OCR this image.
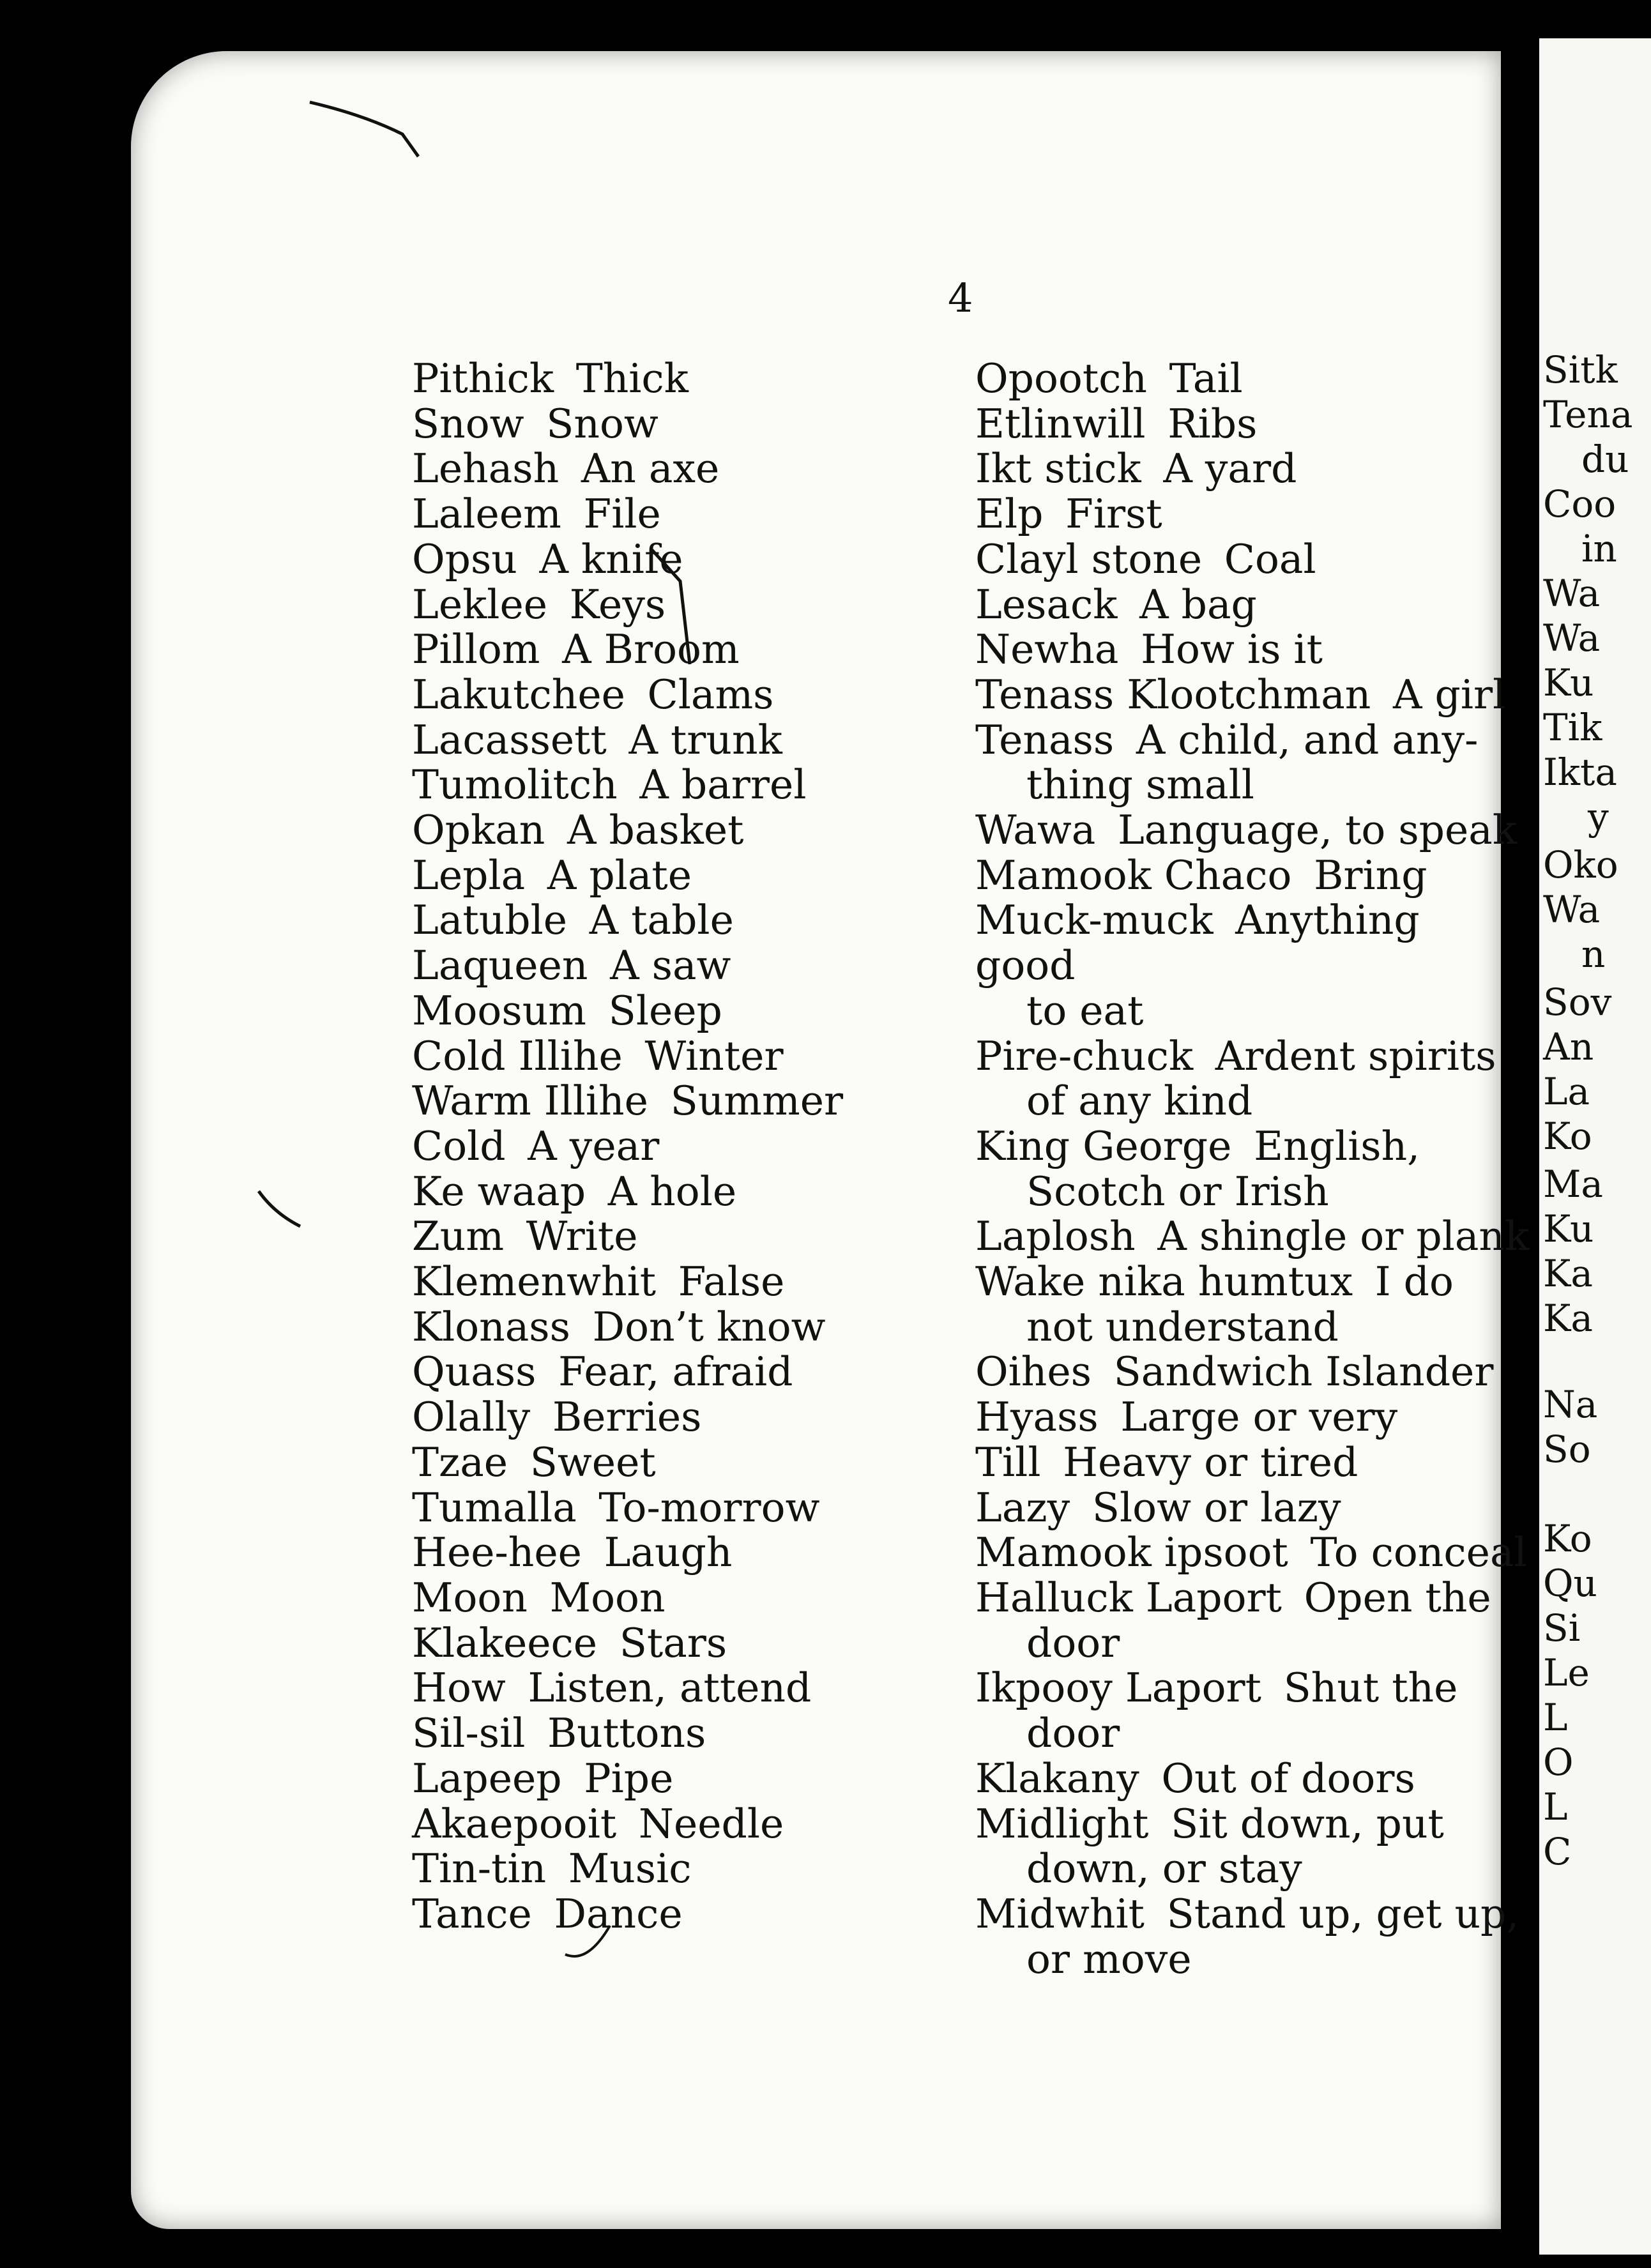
Sitk
Tena
du
Coo
in
Wa
Wa
Ku
Tik
Ikta
y
Oko
Wa
n
Sov
An
La
Ko
Ma
Ku
Ka
Ka
Na
So
Ko
Qu
Si
Le
L
O
L
C
4
Pithick Thick
Snow Snow
Lehash An axe
Laleem File
Opsu A knife
Leklee Keys
Pillom A Broom
Lakutchee Clams
Lacassett A trunk
Tumolitch A barrel
Opkan A basket
Lepla A plate
Latuble A table
Laqueen A saw
Moosum Sleep
Cold Illihe Winter
Warm Illihe Summer
Cold A year
Ke waap A hole
Zum Write
Klemenwhit False
Klonass Don’t know
Quass Fear, afraid
Olally Berries
Tzae Sweet
Tumalla To-morrow
Hee-hee Laugh
Moon Moon
Klakeece Stars
How Listen, attend
Sil-sil Buttons
Lapeep Pipe
Akaepooit Needle
Tin-tin Music
Tance Dance
Opootch Tail
Etlinwill Ribs
Ikt stick A yard
Elp First
Clayl stone Coal
Lesack A bag
Newha How is it
Tenass Klootchman A girl
Tenass A child, and any-
thing small
Wawa Language, to speak
Mamook Chaco Bring
Muck-muck Anything good
to eat
Pire-chuck Ardent spirits
of any kind
King George English,
Scotch or Irish
Laplosh A shingle or plank
Wake nika humtux I do
not understand
Oihes Sandwich Islander
Hyass Large or very
Till Heavy or tired
Lazy Slow or lazy
Mamook ipsoot To conceal
Halluck Laport Open the
door
Ikpooy Laport Shut the
door
Klakany Out of doors
Midlight Sit down, put
down, or stay
Midwhit Stand up, get up,
or move
